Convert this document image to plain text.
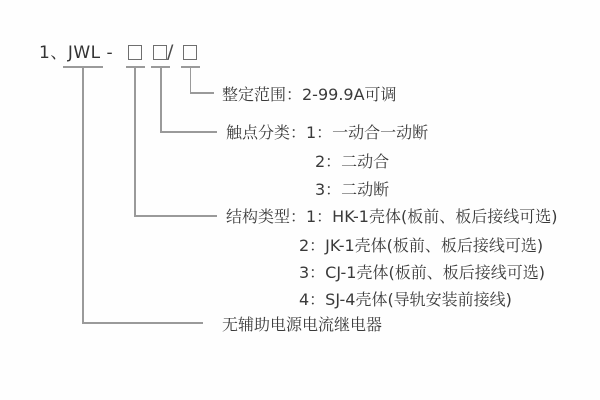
1、JWL -	/
整定范围：2-99.9A可调
触点分类：1：一动合一动断
2：二动合
3：二动断
结构类型：1：HK-1壳体(板前、板后接线可选)
2：JK-1壳体(板前、板后接线可选)
3：CJ-1壳体(板前、板后接线可选)
4：SJ-4壳体(导轨安装前接线)
无辅助电源电流继电器
